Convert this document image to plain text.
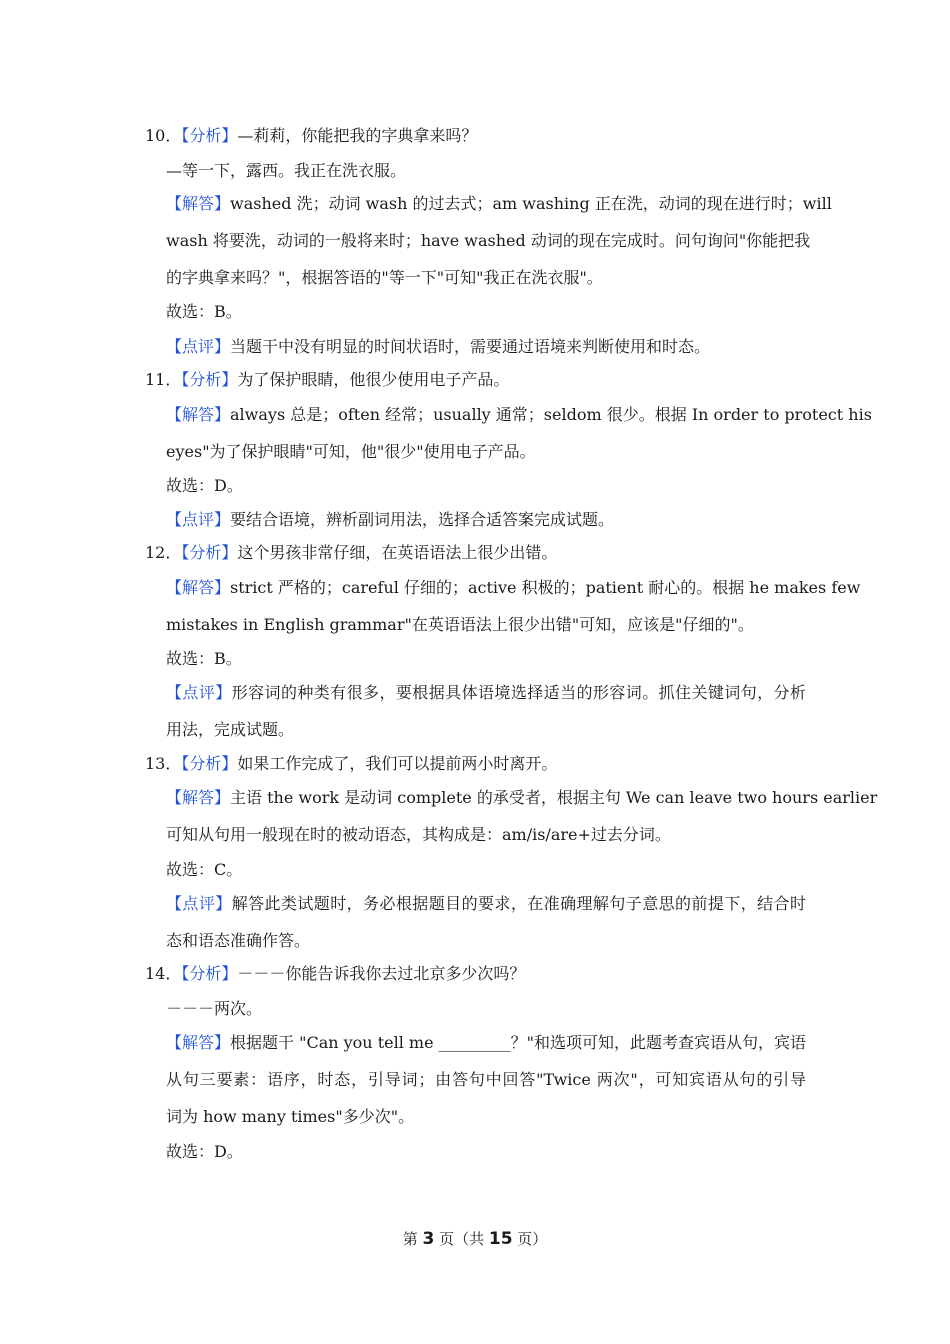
10．【分析】—莉莉，你能把我的字典拿来吗？
—等一下，露西。我正在洗衣服。
【解答】washed 洗；动词 wash 的过去式；am washing 正在洗，动词的现在进行时；will
wash 将要洗，动词的一般将来时；have washed 动词的现在完成时。问句询问"你能把我
的字典拿来吗？"，根据答语的"等一下"可知"我正在洗衣服"。
故选：B。
【点评】当题干中没有明显的时间状语时，需要通过语境来判断使用和时态。
11．【分析】为了保护眼睛，他很少使用电子产品。
【解答】always 总是；often 经常；usually 通常；seldom 很少。根据 In order to protect his
eyes"为了保护眼睛"可知，他"很少"使用电子产品。
故选：D。
【点评】要结合语境，辨析副词用法，选择合适答案完成试题。
12．【分析】这个男孩非常仔细，在英语语法上很少出错。
【解答】strict 严格的；careful 仔细的；active 积极的；patient 耐心的。根据 he makes few
mistakes in English grammar"在英语语法上很少出错"可知，应该是"仔细的"。
故选：B。
【点评】形容词的种类有很多，要根据具体语境选择适当的形容词。抓住关键词句，分析
用法，完成试题。
13．【分析】如果工作完成了，我们可以提前两小时离开。
【解答】主语 the work 是动词 complete 的承受者，根据主句 We can leave two hours earlier
可知从句用一般现在时的被动语态，其构成是：am/is/are+过去分词。
故选：C。
【点评】解答此类试题时，务必根据题目的要求，在准确理解句子意思的前提下，结合时
态和语态准确作答。
14．【分析】－－－你能告诉我你去过北京多少次吗？
－－－两次。
【解答】根据题干 "Can you tell me _________？"和选项可知，此题考查宾语从句，宾语
从句三要素：语序，时态，引导词；由答句中回答"Twice 两次"，可知宾语从句的引导
词为 how many times"多少次"。
故选：D。
第 3 页（共 15 页）
